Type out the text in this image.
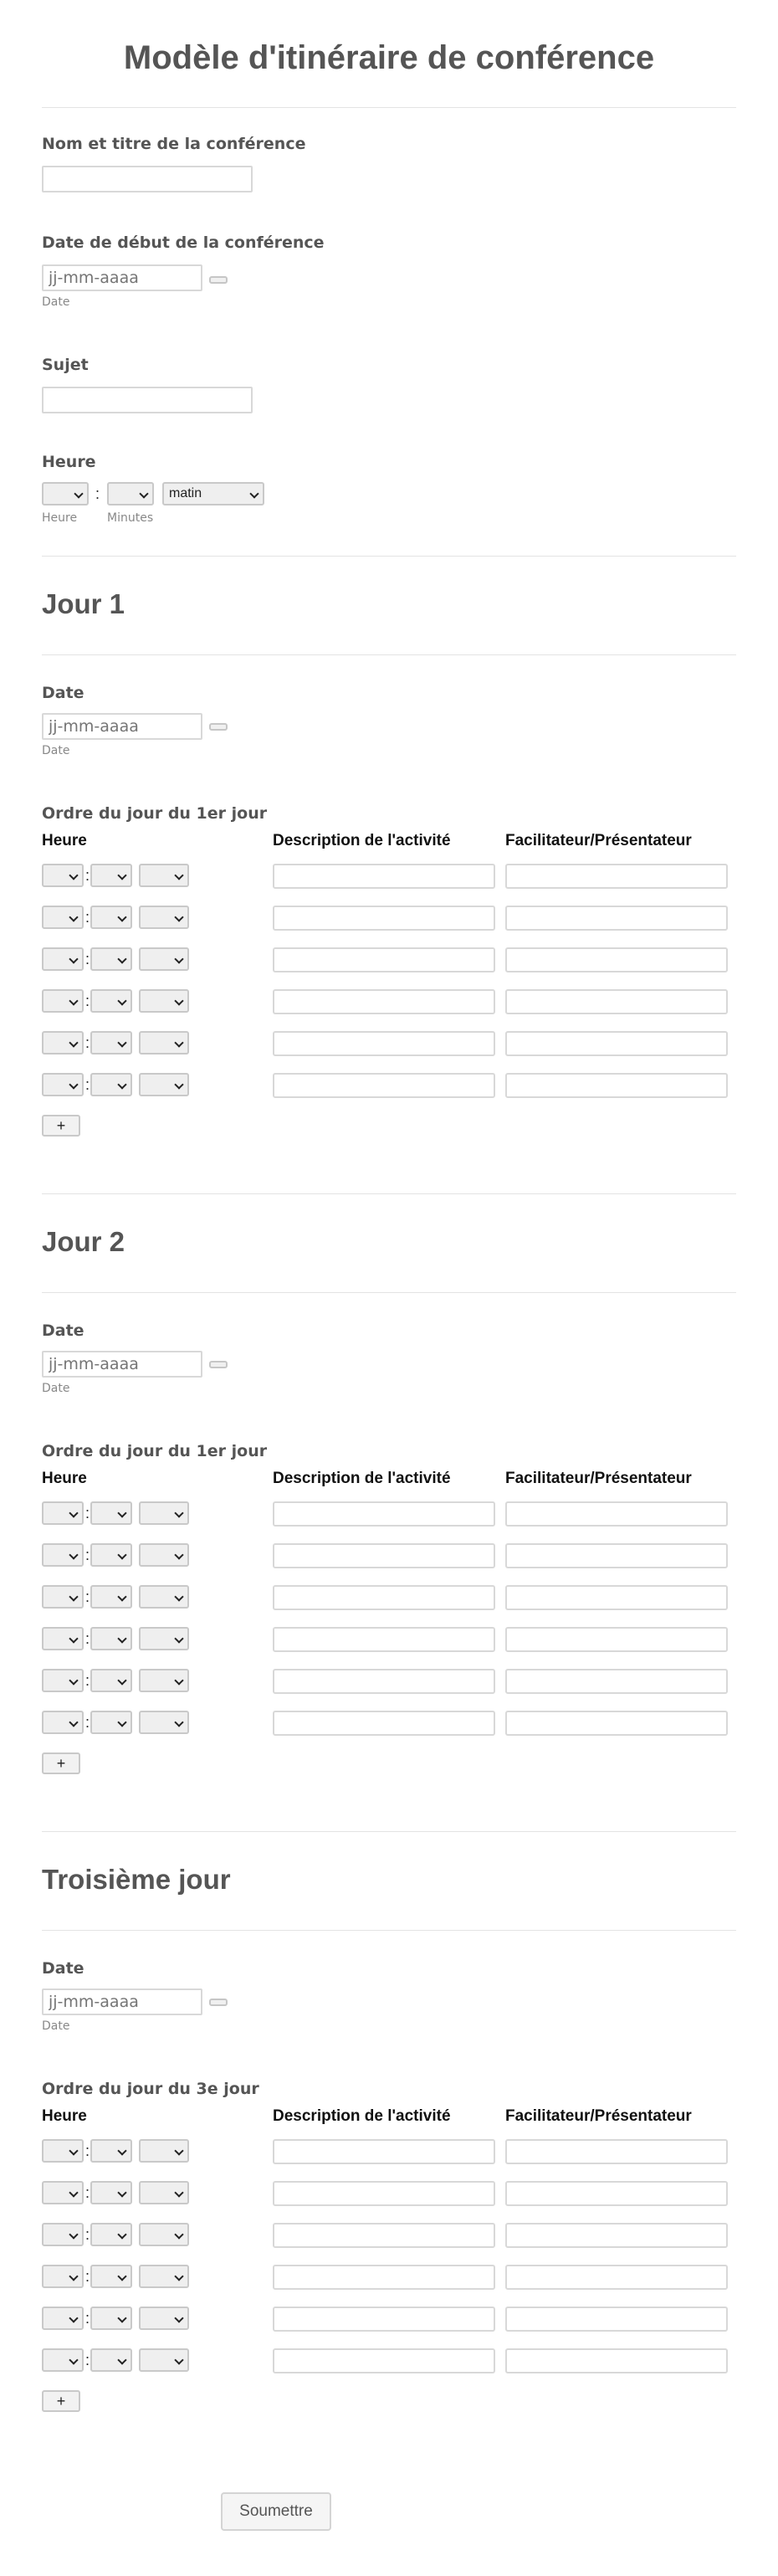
Modèle d'itinéraire de conférence
Nom et titre de la conférence
Date de début de la conférence
jj-mm-aaaa
Date
Sujet
Heure
:	matin
Heure	Minutes
Jour 1
Date
jj-mm-aaaa
Date
Ordre du jour du 1er jour
Heure	Description de l'activité	Facilitateur/Présentateur
:
:
:
:
:
:
+
Jour 2
Date
jj-mm-aaaa
Date
Ordre du jour du 1er jour
Heure	Description de l'activité	Facilitateur/Présentateur
:
:
:
:
:
:
+
Troisième jour
Date
jj-mm-aaaa
Date
Ordre du jour du 3e jour
Heure	Description de l'activité	Facilitateur/Présentateur
:
:
:
:
:
:
+
Soumettre
